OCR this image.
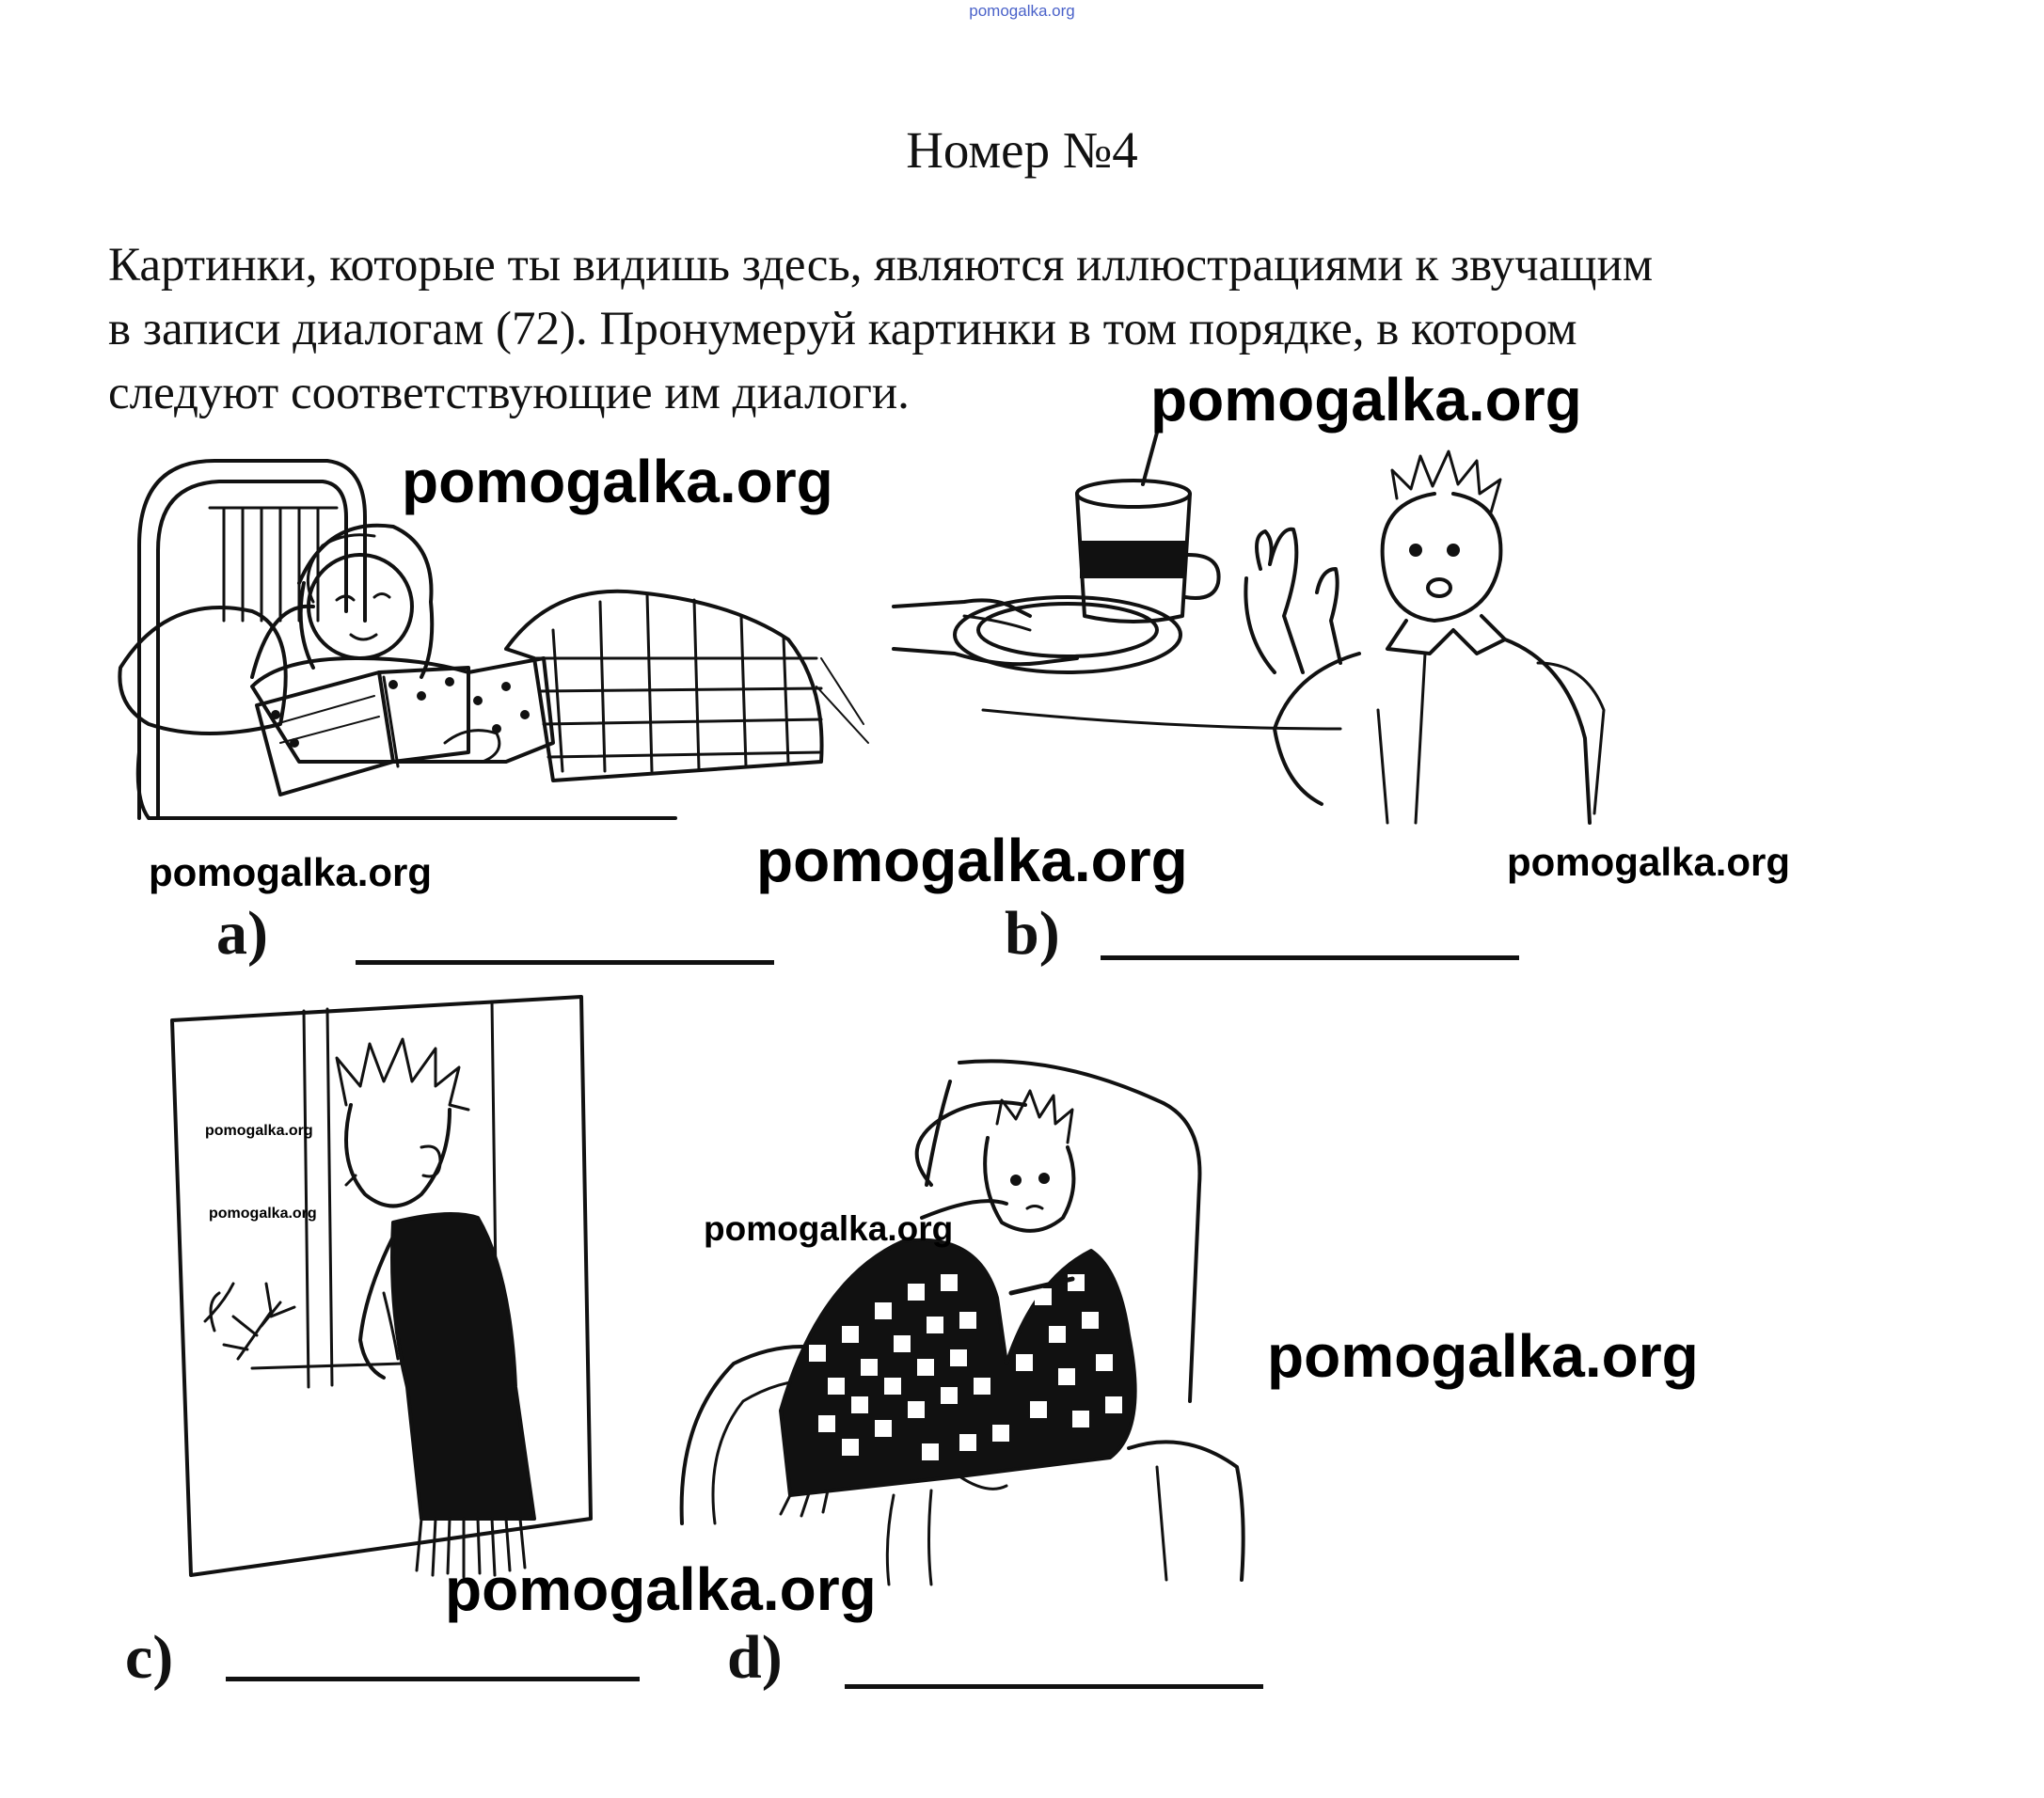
pomogalka.org
Номер №4

Картинки, которые ты видишь здесь, являются иллюстрациями к звучащим
в записи диалогам (72). Пронумеруй картинки в том порядке, в котором
следуют соответствующие им диалоги.

a)	b)
c)	d)
pomogalka.org
pomogalka.org
pomogalka.org	pomogalka.org	pomogalka.org
pomogalka.org
pomogalka.org	pomogalka.org
pomogalka.org
pomogalka.org
